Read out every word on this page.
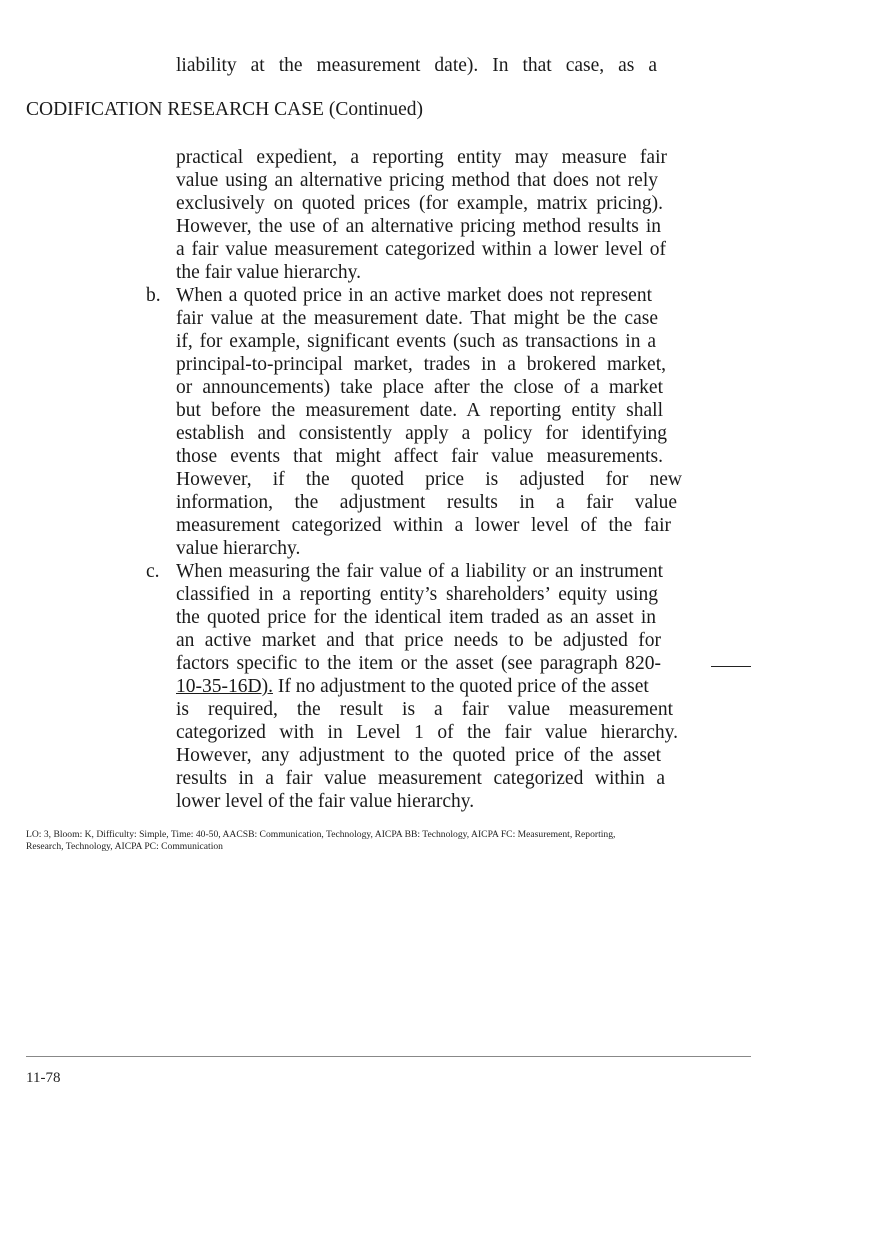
liability at the measurement date). In that case, as a
CODIFICATION RESEARCH CASE (Continued)
practical expedient, a reporting entity may measure fair
value using an alternative pricing method that does not rely
exclusively on quoted prices (for example, matrix pricing).
However, the use of an alternative pricing method results in
a fair value measurement categorized within a lower level of
the fair value hierarchy.
b. When a quoted price in an active market does not represent
fair value at the measurement date. That might be the case
if, for example, significant events (such as transactions in a
principal-to-principal market, trades in a brokered market,
or announcements) take place after the close of a market
but before the measurement date. A reporting entity shall
establish and consistently apply a policy for identifying
those events that might affect fair value measurements.
However, if the quoted price is adjusted for new
information, the adjustment results in a fair value
measurement categorized within a lower level of the fair
value hierarchy.
c. When measuring the fair value of a liability or an instrument
classified in a reporting entity’s shareholders’ equity using
the quoted price for the identical item traded as an asset in
an active market and that price needs to be adjusted for
factors specific to the item or the asset (see paragraph 820-
10-35-16D). If no adjustment to the quoted price of the asset
is required, the result is a fair value measurement
categorized with in Level 1 of the fair value hierarchy.
However, any adjustment to the quoted price of the asset
results in a fair value measurement categorized within a
lower level of the fair value hierarchy.
LO: 3, Bloom: K, Difficulty: Simple, Time: 40-50, AACSB: Communication, Technology, AICPA BB: Technology, AICPA FC: Measurement, Reporting,
Research, Technology, AICPA PC: Communication
11-78
